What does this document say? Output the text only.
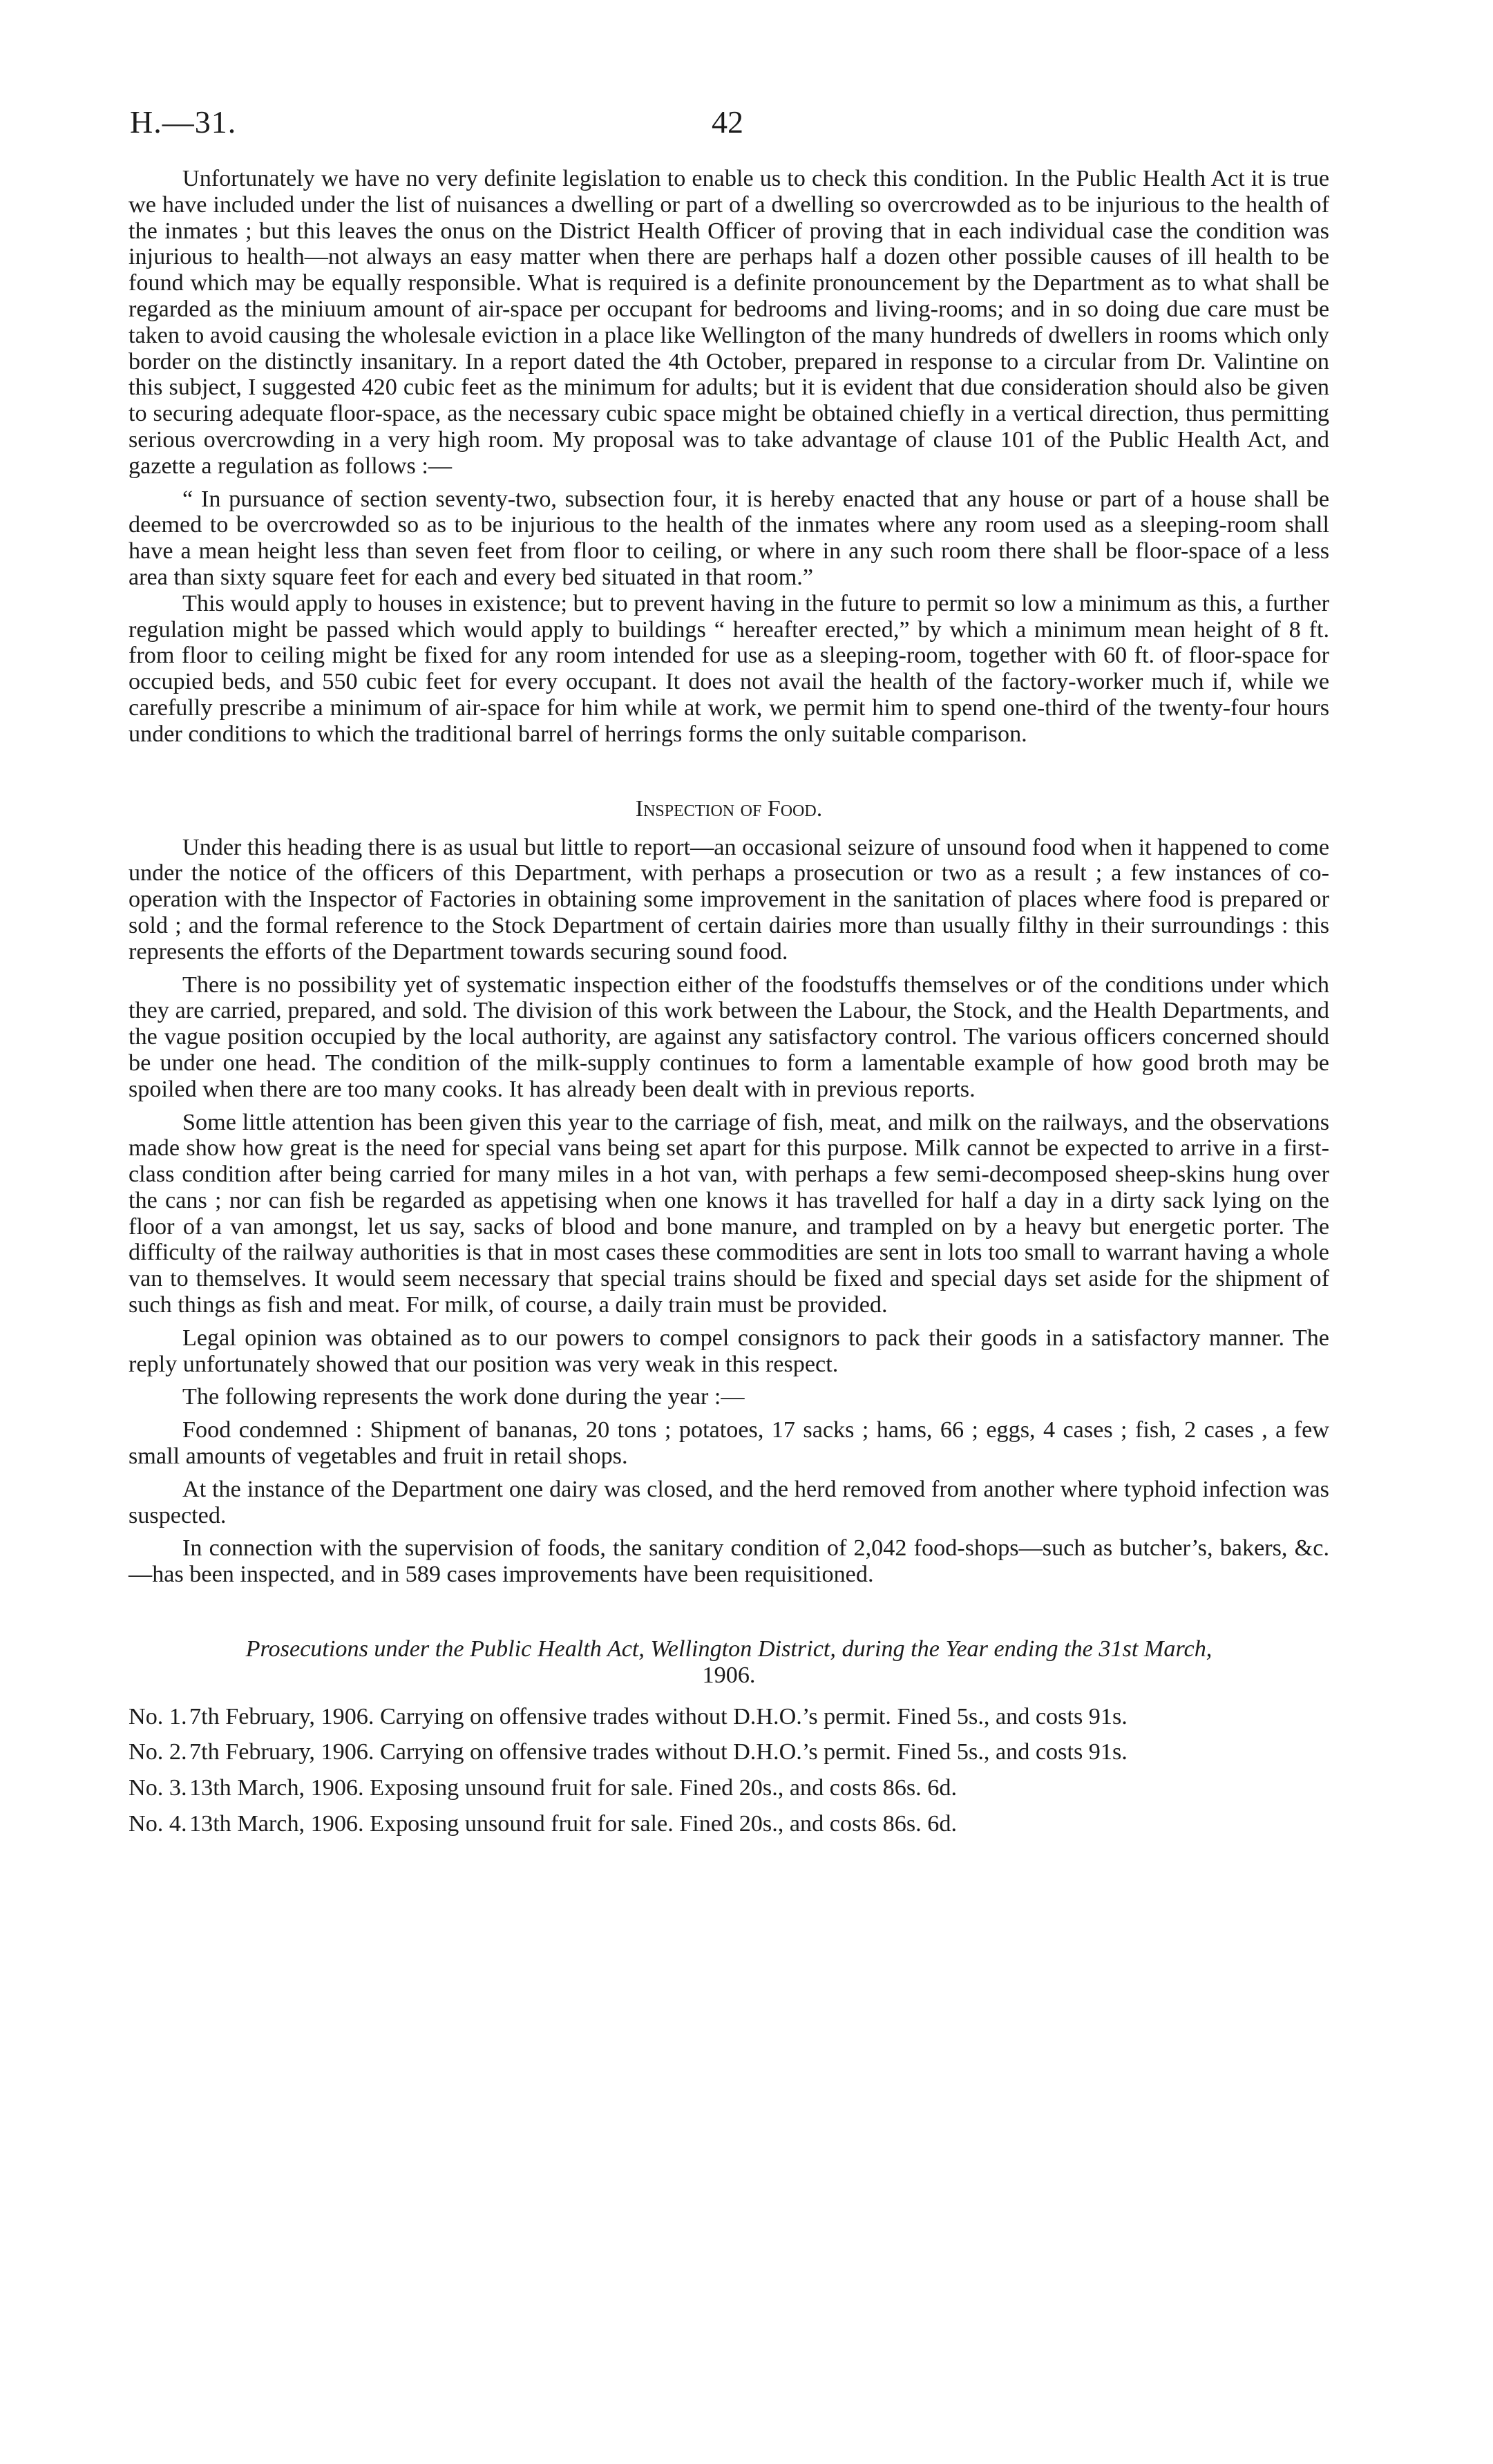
H.—31.	42

Unfortunately we have no very definite legislation to enable us to check this condition. In the Public Health Act it is true we have included under the list of nuisances a dwelling or part of a dwelling so overcrowded as to be injurious to the health of the inmates ; but this leaves the onus on the District Health Officer of proving that in each individual case the condition was injurious to health—not always an easy matter when there are perhaps half a dozen other possible causes of ill health to be found which may be equally responsible. What is required is a definite pronouncement by the Department as to what shall be regarded as the miniuum amount of air-space per occupant for bedrooms and living-rooms; and in so doing due care must be taken to avoid causing the wholesale eviction in a place like Wellington of the many hundreds of dwellers in rooms which only border on the distinctly insanitary. In a report dated the 4th October, prepared in response to a circular from Dr. Valintine on this subject, I suggested 420 cubic feet as the minimum for adults; but it is evident that due consideration should also be given to securing adequate floor-space, as the necessary cubic space might be obtained chiefly in a vertical direction, thus permitting serious overcrowding in a very high room. My proposal was to take advantage of clause 101 of the Public Health Act, and gazette a regulation as follows :—

“ In pursuance of section seventy-two, subsection four, it is hereby enacted that any house or part of a house shall be deemed to be overcrowded so as to be injurious to the health of the inmates where any room used as a sleeping-room shall have a mean height less than seven feet from floor to ceiling, or where in any such room there shall be floor-space of a less area than sixty square feet for each and every bed situated in that room.”

This would apply to houses in existence; but to prevent having in the future to permit so low a minimum as this, a further regulation might be passed which would apply to buildings “ hereafter erected,” by which a minimum mean height of 8 ft. from floor to ceiling might be fixed for any room intended for use as a sleeping-room, together with 60 ft. of floor-space for occupied beds, and 550 cubic feet for every occupant. It does not avail the health of the factory-worker much if, while we carefully prescribe a minimum of air-space for him while at work, we permit him to spend one-third of the twenty-four hours under conditions to which the traditional barrel of herrings forms the only suitable comparison.

Inspection of Food.

Under this heading there is as usual but little to report—an occasional seizure of unsound food when it happened to come under the notice of the officers of this Department, with perhaps a prosecution or two as a result ; a few instances of co-operation with the Inspector of Factories in obtaining some improvement in the sanitation of places where food is prepared or sold ; and the formal reference to the Stock Department of certain dairies more than usually filthy in their surroundings : this represents the efforts of the Department towards securing sound food.

There is no possibility yet of systematic inspection either of the foodstuffs themselves or of the conditions under which they are carried, prepared, and sold. The division of this work between the Labour, the Stock, and the Health Departments, and the vague position occupied by the local authority, are against any satisfactory control. The various officers concerned should be under one head. The condition of the milk-supply continues to form a lamentable example of how good broth may be spoiled when there are too many cooks. It has already been dealt with in previous reports.

Some little attention has been given this year to the carriage of fish, meat, and milk on the railways, and the observations made show how great is the need for special vans being set apart for this purpose. Milk cannot be expected to arrive in a first-class condition after being carried for many miles in a hot van, with perhaps a few semi-decomposed sheep-skins hung over the cans ; nor can fish be regarded as appetising when one knows it has travelled for half a day in a dirty sack lying on the floor of a van amongst, let us say, sacks of blood and bone manure, and trampled on by a heavy but energetic porter. The difficulty of the railway authorities is that in most cases these commodities are sent in lots too small to warrant having a whole van to themselves. It would seem necessary that special trains should be fixed and special days set aside for the shipment of such things as fish and meat. For milk, of course, a daily train must be provided.

Legal opinion was obtained as to our powers to compel consignors to pack their goods in a satisfactory manner. The reply unfortunately showed that our position was very weak in this respect.

The following represents the work done during the year :—

Food condemned : Shipment of bananas, 20 tons ; potatoes, 17 sacks ; hams, 66 ; eggs, 4 cases ; fish, 2 cases , a few small amounts of vegetables and fruit in retail shops.

At the instance of the Department one dairy was closed, and the herd removed from another where typhoid infection was suspected.

In connection with the supervision of foods, the sanitary condition of 2,042 food-shops—such as butcher’s, bakers, &c.—has been inspected, and in 589 cases improvements have been requisitioned.

Prosecutions under the Public Health Act, Wellington District, during the Year ending the 31st March,
1906.
No. 1. 7th February, 1906. Carrying on offensive trades without D.H.O.’s permit. Fined 5s., and costs 91s.
No. 2. 7th February, 1906. Carrying on offensive trades without D.H.O.’s permit. Fined 5s., and costs 91s.
No. 3. 13th March, 1906. Exposing unsound fruit for sale. Fined 20s., and costs 86s. 6d.
No. 4. 13th March, 1906. Exposing unsound fruit for sale. Fined 20s., and costs 86s. 6d.
